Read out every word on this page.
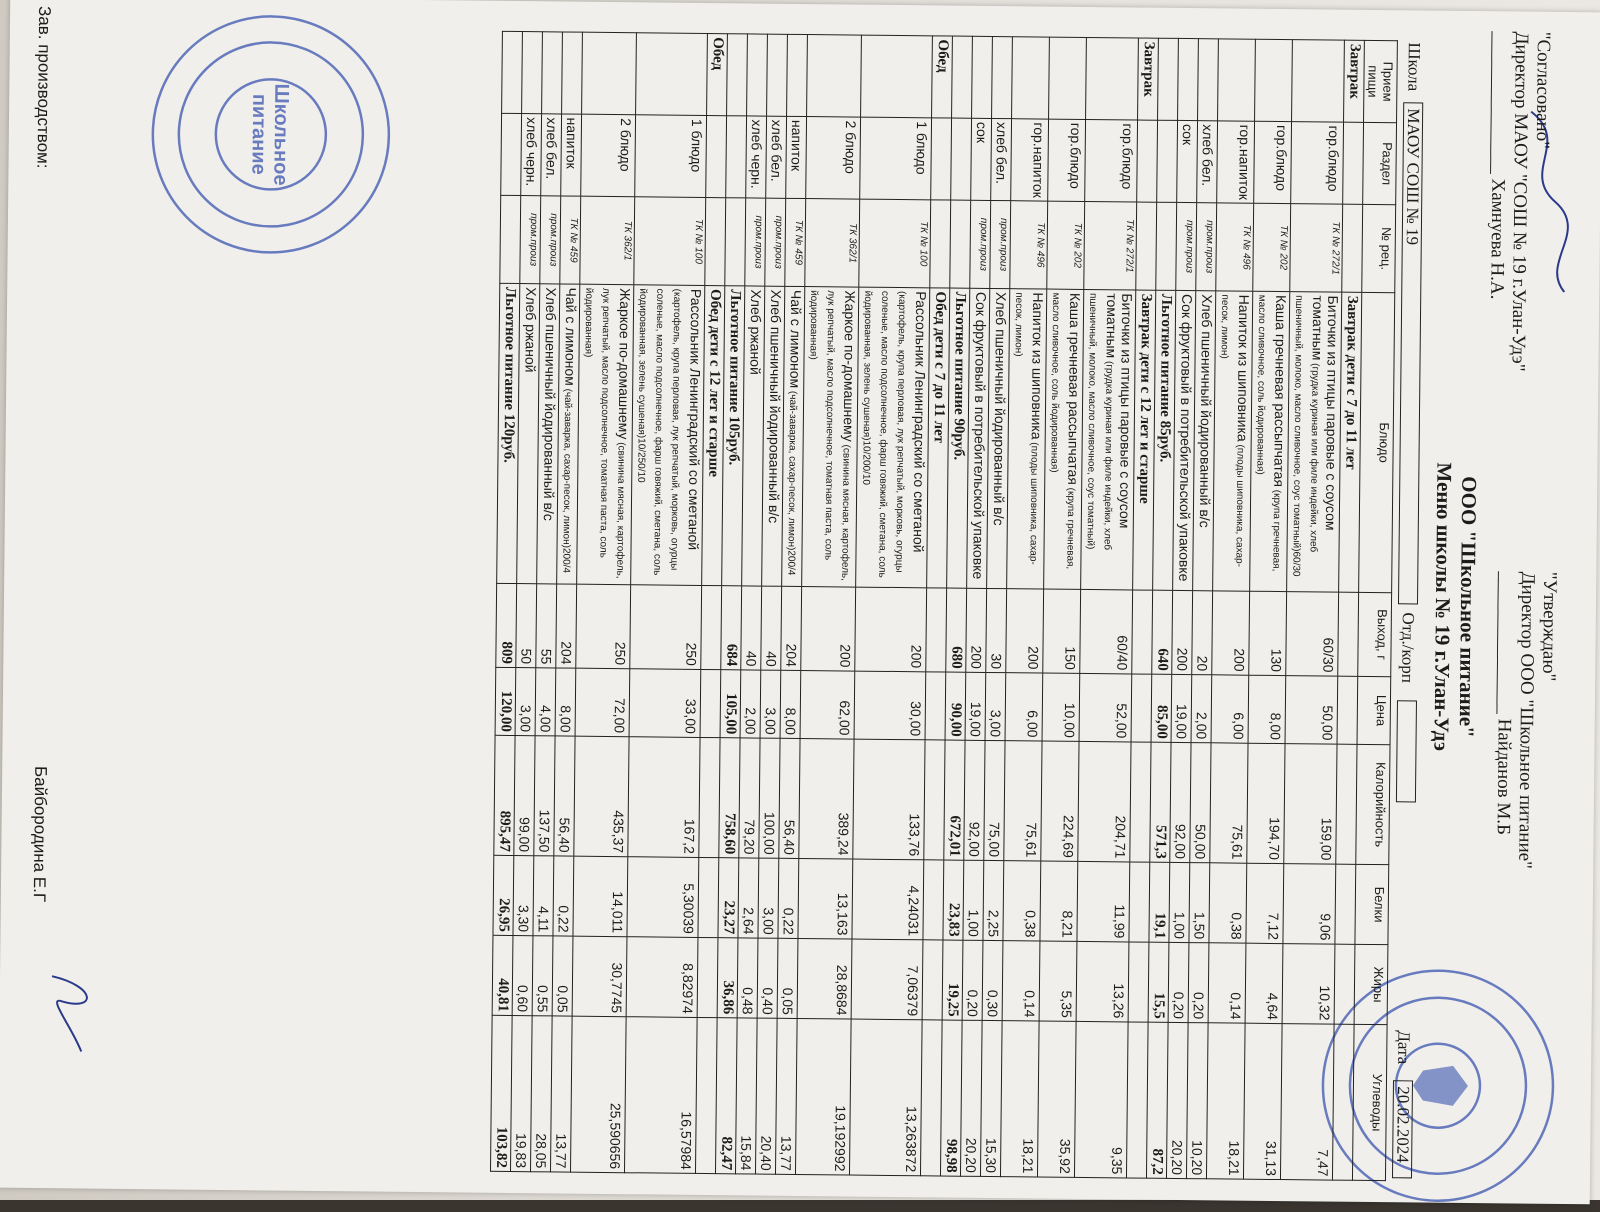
Школьное
питание
"Утверждаю"
Директор ООО "Школьное питание"
_______________ Найданов М.Б
"Согласовано"
Директор МАОУ "СОШ № 19 г.Улан-Удэ"
_______________ Хамнуева Н.А.
ООО "Школьное питание"
Меню школы № 19 г.Улан-Удэ
Школа
МАОУ СОШ № 19
Отд./корп
Дата
20.02.2024
Прием пищи	Раздел	№ рец.	Блюдо	Выход, г	Цена	Калорийность	Белки	Жиры	Углеводы
Завтрак			Завтрак дети с 7 до 11 лет						
	гор.блюдо	ТК № 272/1	Биточки из птицы паровые с соусом томатным (грудка куриная или филе индейки, хлеб пшеничный, молоко, масло сливочное, соус томатный)60/30	60/30	50,00	159,00	9,06	10,32	7,47
	гор.блюдо	ТК № 202	Каша гречневая рассыпчатая (крупа гречневая, масло сливочное, соль йодированная)	130	8,00	194,70	7,12	4,64	31,13
	гор.напиток	ТК № 496	Напиток из шиповника (плоды шиповника, сахар-песок, лимон)	200	6,00	75,61	0,38	0,14	18,21
	хлеб бел.	пром.произ	Хлеб пшеничный йодированный в/с	20	2,00	50,00	1,50	0,20	10,20
	сок	пром.произ	Сок фруктовый в потребительской упаковке	200	19,00	92,00	1,00	0,20	20,20
			Льготное питание 85руб.	640	85,00	571,3	19,1	15,5	87,2
Завтрак			Завтрак дети с 12 лет и старше						
	гор.блюдо	ТК № 272/1	Биточки из птицы паровые с соусом томатным (грудка куриная или филе индейки, хлеб пшеничный, молоко, масло сливочное, соус томатный)	60/40	52,00	204,71	11,99	13,26	9,35
	гор.блюдо	ТК № 202	Каша гречневая рассыпчатая (крупа гречневая, масло сливочное, соль йодированная)	150	10,00	224,69	8,21	5,35	35,92
	гор.напиток	ТК № 496	Напиток из шиповника (плоды шиповника, сахар-песок, лимон)	200	6,00	75,61	0,38	0,14	18,21
	хлеб бел.	пром.произ	Хлеб пшеничный йодированный в/с	30	3,00	75,00	2,25	0,30	15,30
	сок	пром.произ	Сок фруктовый в потребительской упаковке	200	19,00	92,00	1,00	0,20	20,20
			Льготное питание 90руб.	680	90,00	672,01	23,83	19,25	98,98
Обед			Обед дети с 7 до 11 лет						
	1 блюдо	ТК № 100	Рассольник Ленинградский со сметаной (картофель, крупа перловая, лук репчатый, морковь, огурцы соленые, масло подсолнечное, фарш говяжий, сметана, соль йодированная, зелень сушеная)10/200/10	200	30,00	133,76	4,24031	7,06379	13,263872
	2 блюдо	ТК 362/1	Жаркое по-домашнему (свинина мясная, картофель, лук репчатый, масло подсолнечное, томатная паста, соль йодированная)	200	62,00	389,24	13,163	28,8684	19,192992
	напиток	ТК № 459	Чай с лимоном (чай-заварка, сахар-песок, лимон)200/4	204	8,00	56,40	0,22	0,05	13,77
	хлеб бел.	пром.произ	Хлеб пшеничный йодированный в/с	40	3,00	100,00	3,00	0,40	20,40
	хлеб черн.	пром.произ	Хлеб ржаной	40	2,00	79,20	2,64	0,48	15,84
			Льготное питание 105руб.	684	105,00	758,60	23,27	36,86	82,47
Обед			Обед дети с 12 лет и старше						
	1 блюдо	ТК № 100	Рассольник Ленинградский со сметаной (картофель, крупа перловая, лук репчатый, морковь, огурцы соленые, масло подсолнечное, фарш говяжий, сметана, соль йодированная, зелень сушеная)10/250/10	250	33,00	167,2	5,30039	8,82974	16,57984
	2 блюдо	ТК 362/1	Жаркое по-домашнему (свинина мясная, картофель, лук репчатый, масло подсолнечное, томатная паста, соль йодированная)	250	72,00	435,37	14,011	30,7745	25,590656
	напиток	ТК № 459	Чай с лимоном (чай-заварка, сахар-песок, лимон)200/4	204	8,00	56,40	0,22	0,05	13,77
	хлеб бел.	пром.произ	Хлеб пшеничный йодированный в/с	55	4,00	137,50	4,11	0,55	28,05
	хлеб черн.	пром.произ	Хлеб ржаной	50	3,00	99,00	3,30	0,60	19,83
			Льготное питание 120руб.	809	120,00	895,47	26,95	40,81	103,82
Зав. производством:
Байбородина Е.Г
